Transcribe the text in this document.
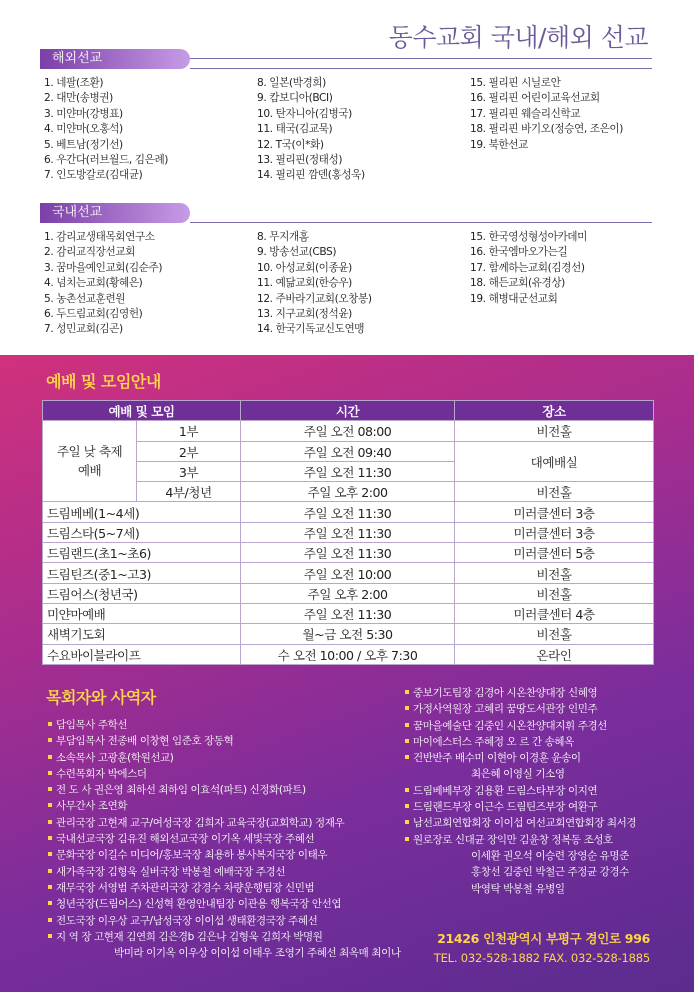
동수교회 국내/해외 선교
해외선교
1. 네팔(조환)
2. 대만(송병권)
3. 미얀마(강병표)
4. 미얀마(오홍석)
5. 베트남(정기선)
6. 우간다(러브월드, 김은례)
7. 인도방갈로(김대균)
8. 일본(박경희)
9. 캄보디아(BCI)
10. 탄자니아(김병국)
11. 태국(김교묵)
12. T국(이*화)
13. 필리핀(정태성)
14. 필리핀 깜덴(홍성욱)
15. 필리핀 시닐로안
16. 필리핀 어린이교육선교회
17. 필리핀 웨슬리신학교
18. 필리핀 바기오(정승연, 조은이)
19. 북한선교
국내선교
1. 감리교생태목회연구소
2. 감리교직장선교회
3. 꿈마을예인교회(김순주)
4. 넘치는교회(황혜은)
5. 농촌선교훈련원
6. 두드림교회(김영헌)
7. 성민교회(김곤)
8. 무지개홈
9. 방송선교(CBS)
10. 아성교회(이종윤)
11. 예닮교회(한승우)
12. 주바라기교회(오창봉)
13. 지구교회(정석윤)
14. 한국기독교신도연맹
15. 한국영성형성아카데미
16. 한국엠마오가는길
17. 함께하는교회(김경선)
18. 해든교회(유경상)
19. 해병대군선교회
예배 및 모임안내
예배 및 모임		시간	장소
주일 낮 축제
예배	1부	주일 오전 08:00	비전홀
	2부	주일 오전 09:40	대예배실
	3부	주일 오전 11:30	
	4부/청년	주일 오후 2:00	비전홀
드림베베(1~4세)		주일 오전 11:30	미러클센터 3층
드림스타(5~7세)		주일 오전 11:30	미러클센터 3층
드림랜드(초1~초6)		주일 오전 11:30	미러클센터 5층
드림틴즈(중1~고3)		주일 오전 10:00	비전홀
드림어스(청년국)		주일 오후 2:00	비전홀
미얀마예배		주일 오전 11:30	미러클센터 4층
새벽기도회		월~금 오전 5:30	비전홀
수요바이블라이프		수 오전 10:00 / 오후 7:30	온라인
목회자와 사역자
담임목사 주학선
부담임목사 전종배 이창현 임준호 장동혁
소속목사 고광훈(학원선교)
수련목회자 박에스더
전 도 사 권은영 최하선 최하임 이효석(파트) 신정화(파트)
사무간사 조연화
관리국장 고현재 교구/여성국장 김희자 교육국장(교회학교) 정재우
국내선교국장 김유진 해외선교국장 이기옥 세빛국장 주혜선
문화국장 이길수 미디어/홍보국장 최용하 봉사복지국장 이태우
새가족국장 김형욱 실버국장 박봉철 예배국장 주경선
재무국장 서영범 주차관리국장 강경수 차량운행팀장 신민범
청년국장(드림어스) 신성혁 환영안내팀장 이관용 행복국장 안선엽
전도국장 이우상 교구/남성국장 이이섭 생태환경국장 주혜선
지 역 장 고현재 김연희 김은경b 김은나 김형욱 김희자 박명원
박미라 이기옥 이우상 이이섭 이태우 조영기 주혜선 최옥매 최이나
중보기도팀장 김경아 시온찬양대장 신혜영
가정사역원장 고혜리 꿈땅도서관장 인민주
꿈마을예술단 김중인 시온찬양대지휘 주경선
마이에스터스 주혜정 오 르 간 송혜옥
건반반주 배수미 이현아 이경훈 윤송이
최은혜 이영실 기소영
드림베베부장 김용환 드림스타부장 이지연
드림랜드부장 이근수 드림틴즈부장 여환구
남선교회연합회장 이이섭 여선교회연합회장 최서경
원로장로 신대균 장익만 김윤창 정복동 조성호
이세환 권오석 이승련 장영순 유명준
홍창선 김중인 박철근 주정균 강경수
박영탁 박봉철 유병일
21426 인천광역시 부평구 경인로 996
TEL. 032-528-1882 FAX. 032-528-1885
